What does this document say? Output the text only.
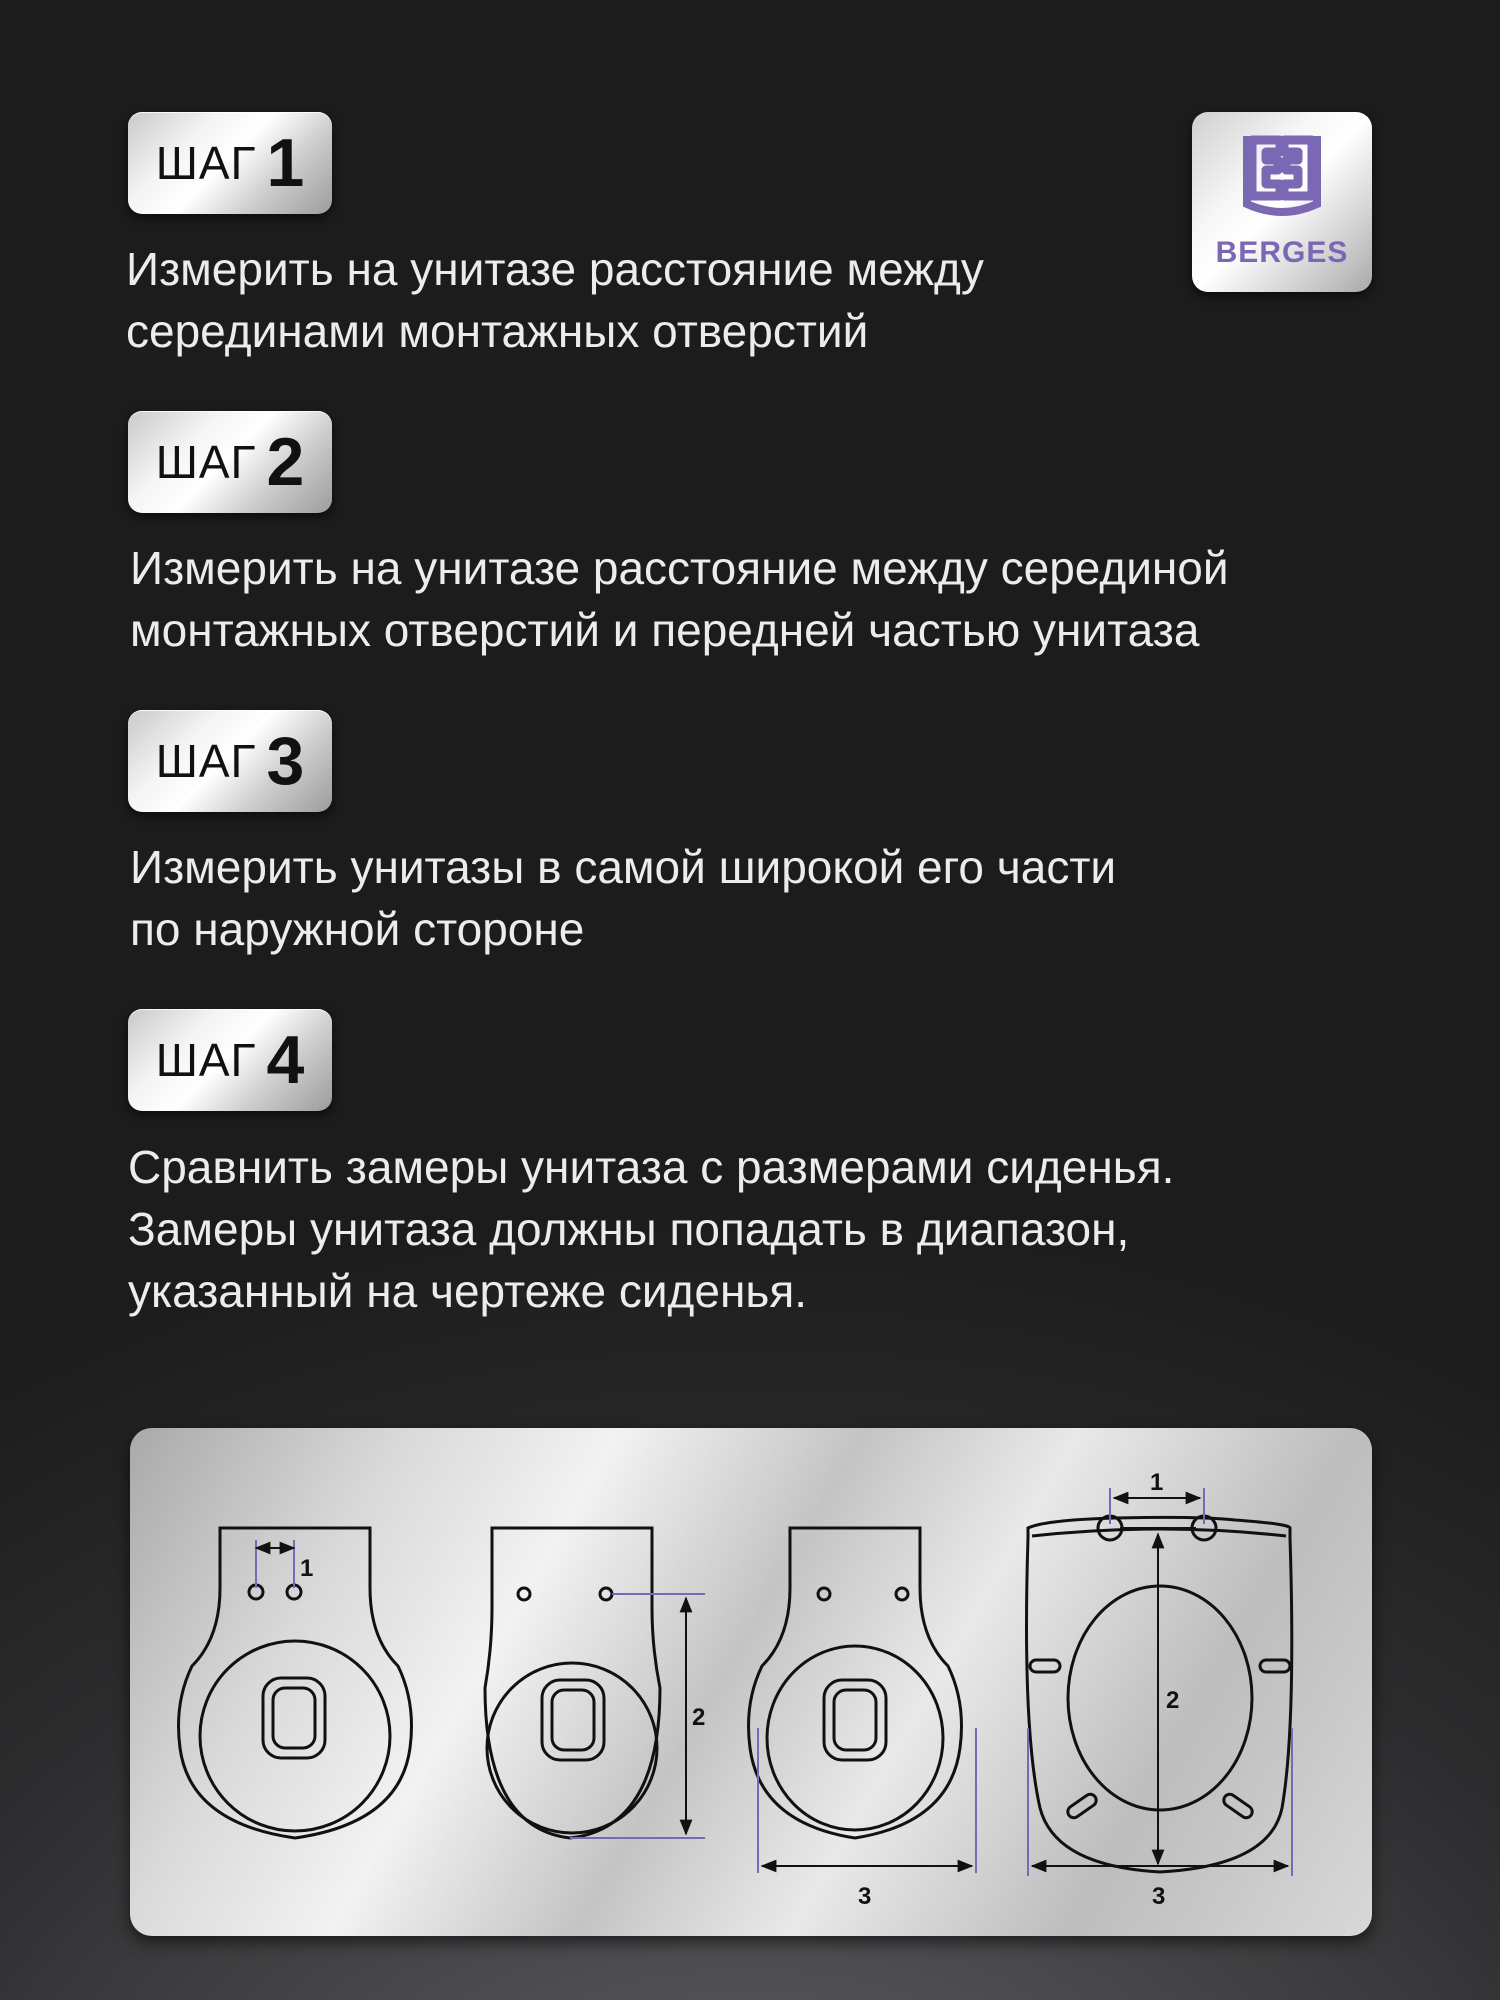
ШАГ 1
Измерить на унитазе расстояние между
серединами монтажных отверстий
BERGES
ШАГ 2
Измерить на унитазе расстояние между серединой
монтажных отверстий и передней частью унитаза
ШАГ 3
Измерить унитазы в самой широкой его части
по наружной стороне
ШАГ 4
Сравнить замеры унитаза с размерами сиденья.
Замеры унитаза должны попадать в диапазон,
указанный на чертеже сиденья.
1
2
3
1
2
3
